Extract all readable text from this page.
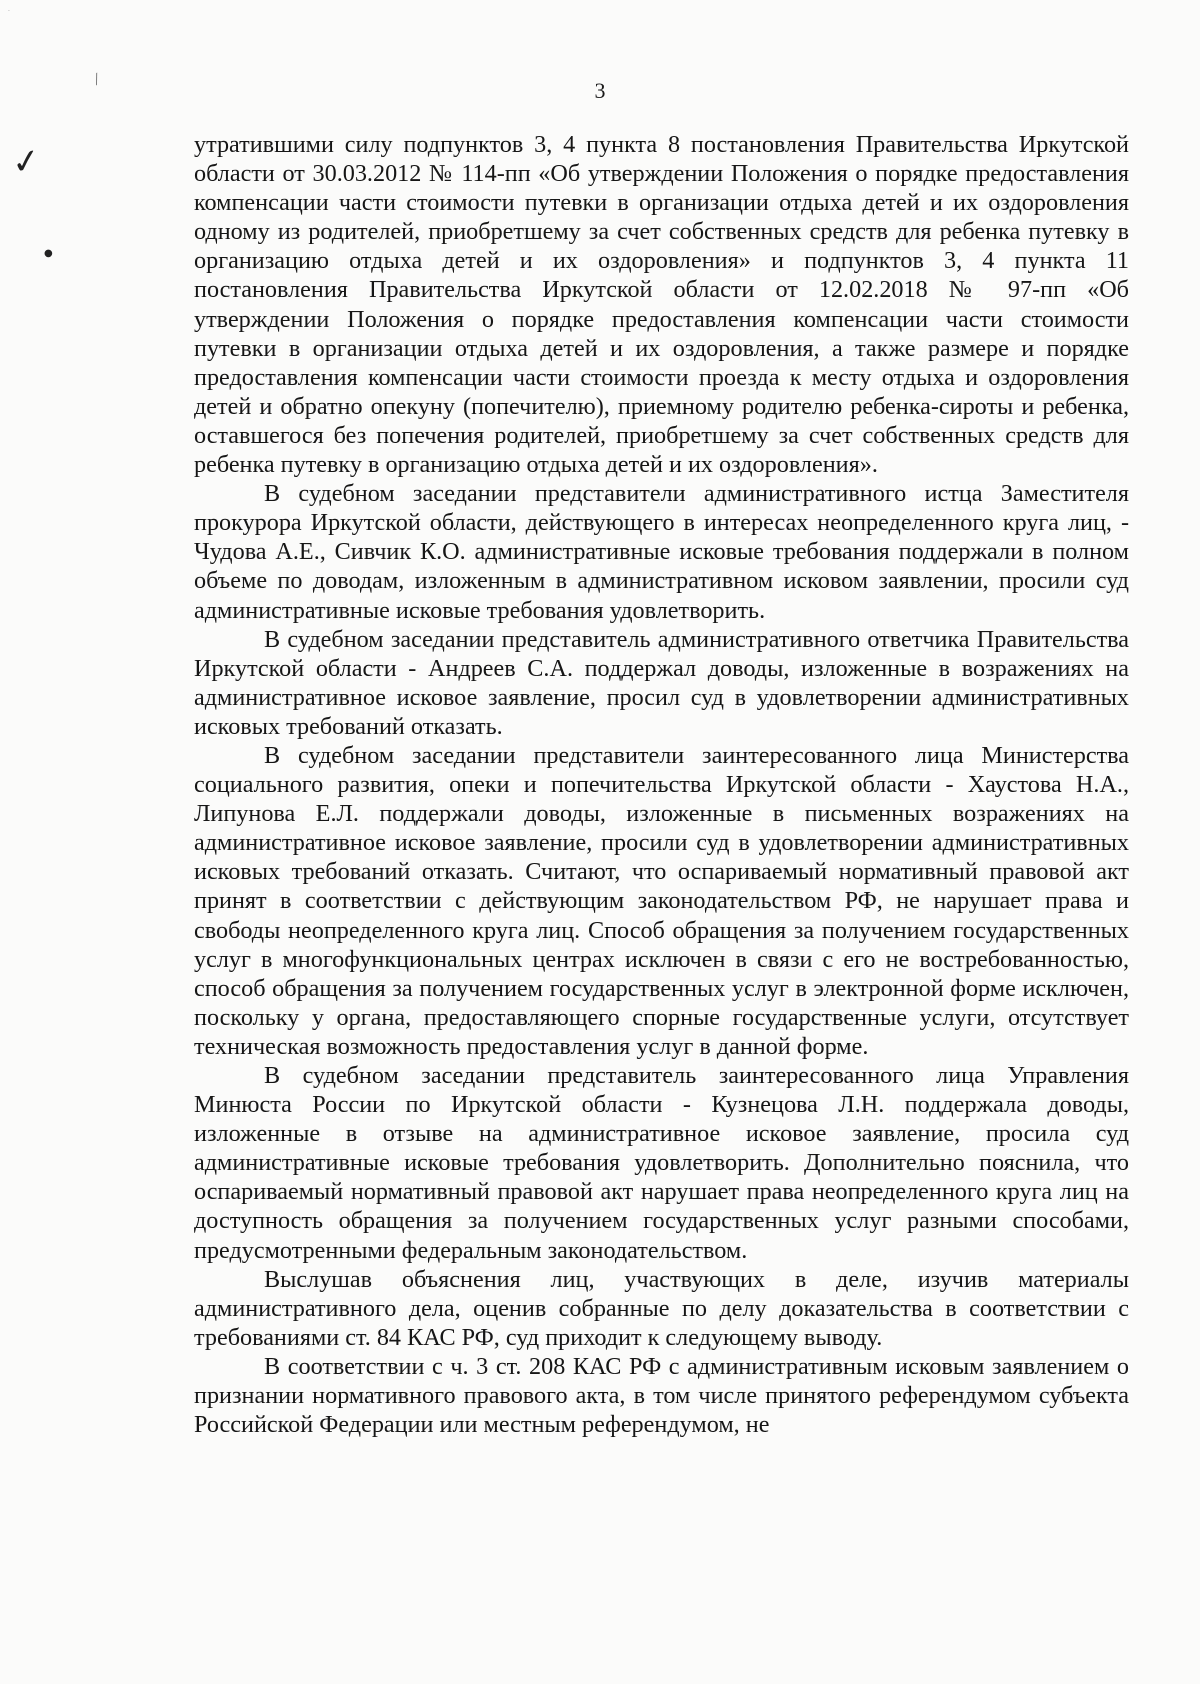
·
⁄
✓
●
3

утратившими силу подпунктов 3, 4 пункта 8 постановления Правительства Иркутской области от 30.03.2012 № 114-пп «Об утверждении Положения о порядке предоставления компенсации части стоимости путевки в организации отдыха детей и их оздоровления одному из родителей, приобретшему за счет собственных средств для ребенка путевку в организацию отдыха детей и их оздоровления» и подпунктов 3, 4 пункта 11 постановления Правительства Иркутской области от 12.02.2018 № 97-пп «Об утверждении Положения о порядке предоставления компенсации части стоимости путевки в организации отдыха детей и их оздоровления, а также размере и порядке предоставления компенсации части стоимости проезда к месту отдыха и оздоровления детей и обратно опекуну (попечителю), приемному родителю ребенка-сироты и ребенка, оставшегося без попечения родителей, приобретшему за счет собственных средств для ребенка путевку в организацию отдыха детей и их оздоровления».

В судебном заседании представители административного истца Заместителя прокурора Иркутской области, действующего в интересах неопределенного круга лиц, - Чудова А.Е., Сивчик К.О. административные исковые требования поддержали в полном объеме по доводам, изложенным в административном исковом заявлении, просили суд административные исковые требования удовлетворить.

В судебном заседании представитель административного ответчика Правительства Иркутской области - Андреев С.А. поддержал доводы, изложенные в возражениях на административное исковое заявление, просил суд в удовлетворении административных исковых требований отказать.

В судебном заседании представители заинтересованного лица Министерства социального развития, опеки и попечительства Иркутской области - Хаустова Н.А., Липунова Е.Л. поддержали доводы, изложенные в письменных возражениях на административное исковое заявление, просили суд в удовлетворении административных исковых требований отказать. Считают, что оспариваемый нормативный правовой акт принят в соответствии с действующим законодательством РФ, не нарушает права и свободы неопределенного круга лиц. Способ обращения за получением государственных услуг в многофункциональных центрах исключен в связи с его не востребованностью, способ обращения за получением государственных услуг в электронной форме исключен, поскольку у органа, предоставляющего спорные государственные услуги, отсутствует техническая возможность предоставления услуг в данной форме.

В судебном заседании представитель заинтересованного лица Управления Минюста России по Иркутской области - Кузнецова Л.Н. поддержала доводы, изложенные в отзыве на административное исковое заявление, просила суд административные исковые требования удовлетворить. Дополнительно пояснила, что оспариваемый нормативный правовой акт нарушает права неопределенного круга лиц на доступность обращения за получением государственных услуг разными способами, предусмотренными федеральным законодательством.

Выслушав объяснения лиц, участвующих в деле, изучив материалы административного дела, оценив собранные по делу доказательства в соответствии с требованиями ст. 84 КАС РФ, суд приходит к следующему выводу.

В соответствии с ч. 3 ст. 208 КАС РФ с административным исковым заявлением о признании нормативного правового акта, в том числе принятого референдумом субъекта Российской Федерации или местным референдумом, не
